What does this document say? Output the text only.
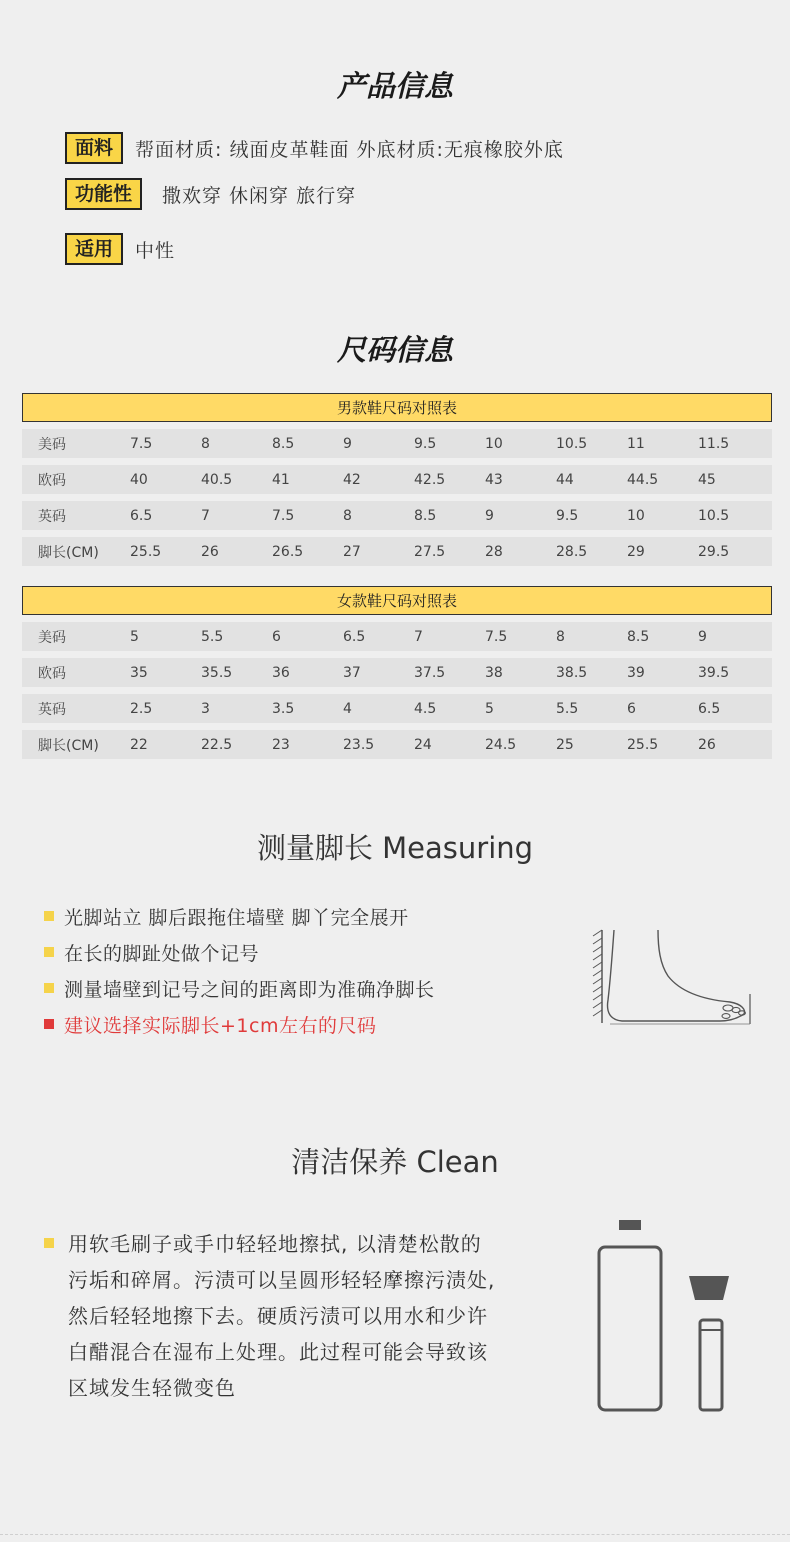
产品信息
面料	帮面材质: 绒面皮革鞋面 外底材质:无痕橡胶外底
功能性	撒欢穿 休闲穿 旅行穿
适用	中性
尺码信息
男款鞋尺码对照表
美码	7.5	8	8.5	9	9.5	10	10.5	11	11.5
欧码	40	40.5	41	42	42.5	43	44	44.5	45
英码	6.5	7	7.5	8	8.5	9	9.5	10	10.5
脚长(CM)	25.5	26	26.5	27	27.5	28	28.5	29	29.5
女款鞋尺码对照表
美码	5	5.5	6	6.5	7	7.5	8	8.5	9
欧码	35	35.5	36	37	37.5	38	38.5	39	39.5
英码	2.5	3	3.5	4	4.5	5	5.5	6	6.5
脚长(CM)	22	22.5	23	23.5	24	24.5	25	25.5	26
测量脚长 Measuring
光脚站立 脚后跟拖住墙壁 脚丫完全展开
在长的脚趾处做个记号
测量墙壁到记号之间的距离即为准确净脚长
建议选择实际脚长+1cm左右的尺码
清洁保养 Clean
用软毛刷子或手巾轻轻地擦拭, 以清楚松散的污垢和碎屑。污渍可以呈圆形轻轻摩擦污渍处, 然后轻轻地擦下去。硬质污渍可以用水和少许白醋混合在湿布上处理。此过程可能会导致该区域发生轻微变色
